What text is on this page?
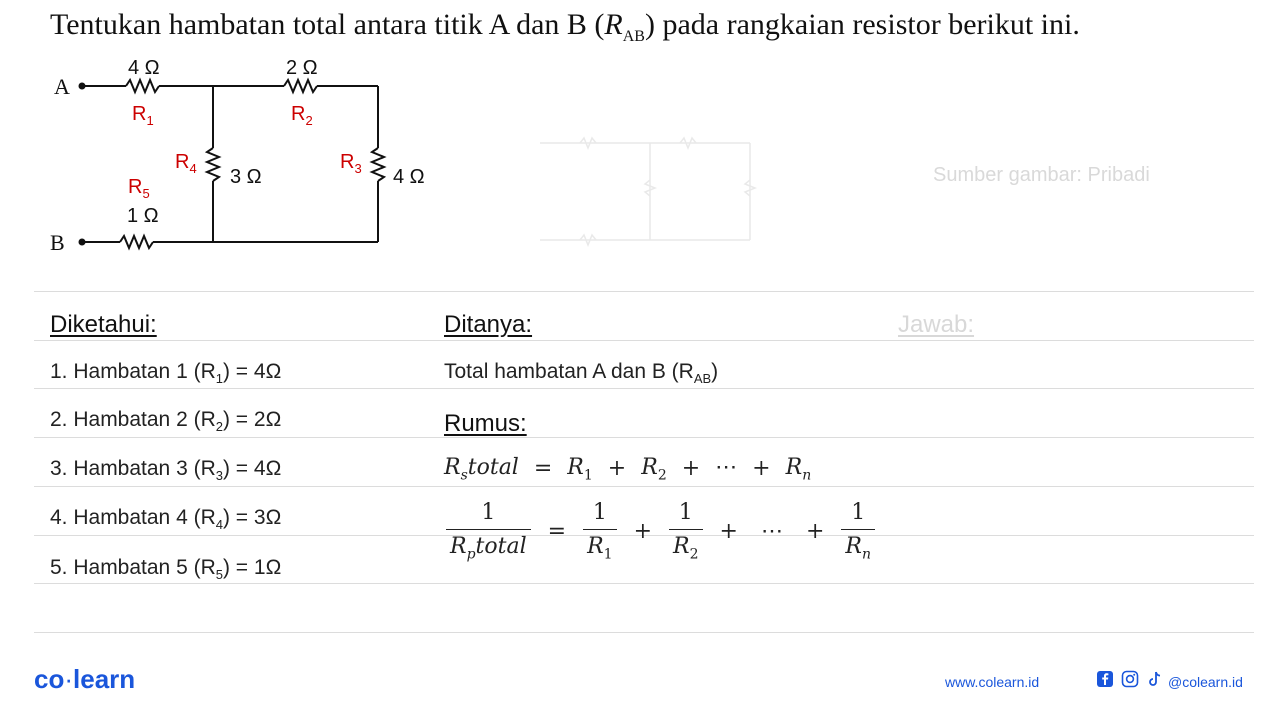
Tentukan hambatan total antara titik A dan B $(R_{AB})$ pada rangkaian resistor berikut ini.
A
B
4 Ω	2 Ω
4 Ω
3 Ω
1 Ω
$R_1$	$R_2$
$R_3$
$R_4$
$R_5$
Sumber gambar: Pribadi
Diketahui:	Ditanya:	Jawab:
1. Hambatan 1 $(R_1) = 4\Omega$
2. Hambatan 2 $(R_2) = 2\Omega$
3. Hambatan 3 $(R_3) = 4\Omega$
4. Hambatan 4 $(R_4) = 3\Omega$
5. Hambatan 5 $(R_5) = 1\Omega$
Total hambatan A dan B $(R_{AB})$
Rumus:
$R_stotal = R_1 + R_2$ + ⋯ + $R_n$
$\frac{1}{R_ptotal} = \frac{1}{R_1} + \frac{1}{R_2}$ + ⋯ + $\frac{1}{R_n}$
co·learn	www.colearn.id	@colearn.id
